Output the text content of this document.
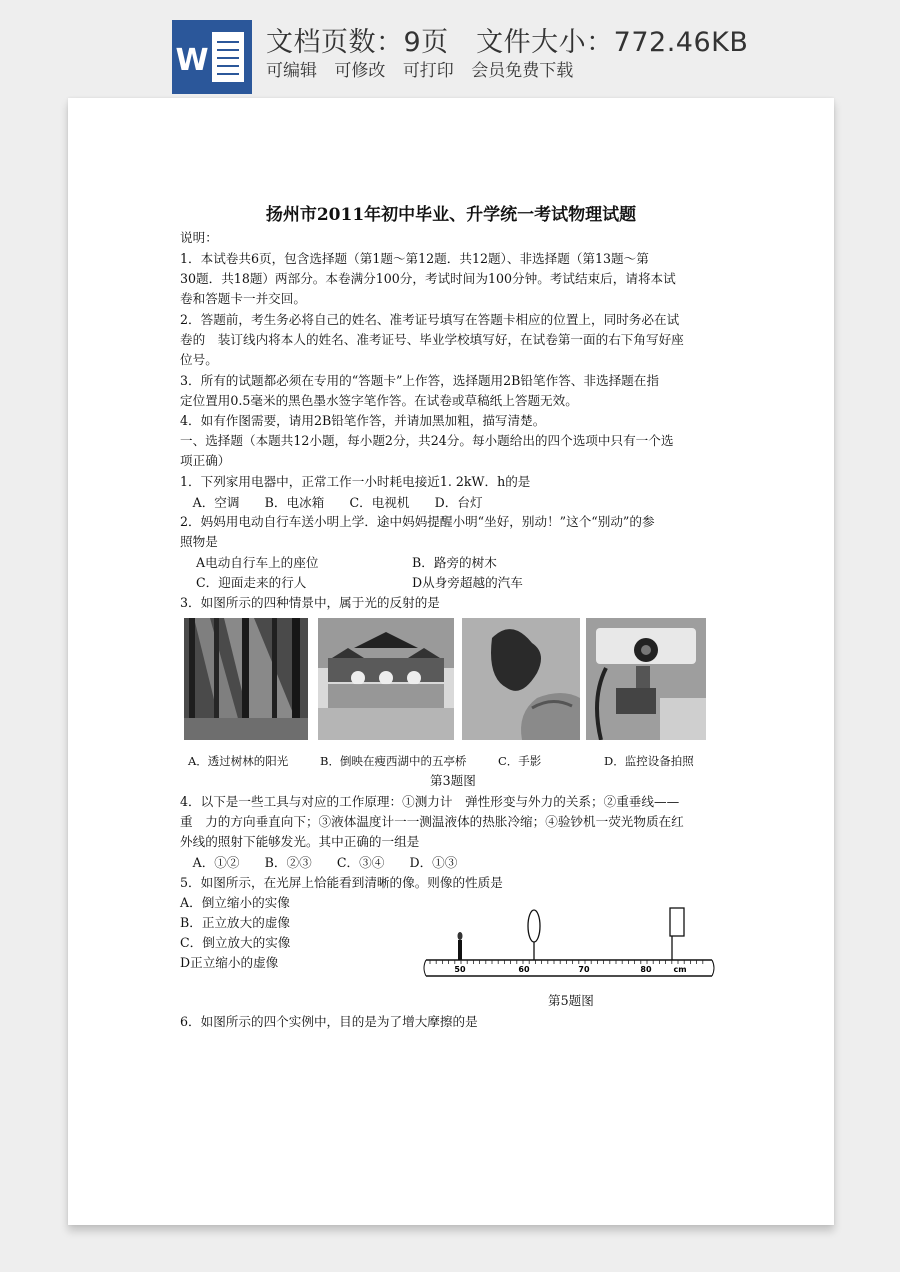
W
文档页数：9页　文件大小：772.46KB
可编辑 可修改 可打印 会员免费下载
扬州市2011年初中毕业、升学统一考试物理试题
说明：
1．本试卷共6页，包含选择题（第1题～第12题．共12题）、非选择题（第13题～第
30题．共18题）两部分。本卷满分100分，考试时间为100分钟。考试结束后，请将本试
卷和答题卡一并交回。
2．答题前，考生务必将自己的姓名、准考证号填写在答题卡相应的位置上，同时务必在试
卷的　装订线内将本人的姓名、准考证号、毕业学校填写好，在试卷第一面的右下角写好座
位号。
3．所有的试题都必须在专用的“答题卡”上作答，选择题用2B铅笔作答、非选择题在指
定位置用0.5毫米的黑色墨水签字笔作答。在试卷或草稿纸上答题无效。
4．如有作图需要，请用2B铅笔作答，并请加黑加粗，描写清楚。
一、选择题（本题共12小题，每小题2分，共24分。每小题给出的四个选项中只有一个选
项正确）
1．下列家用电器中，正常工作一小时耗电接近1. 2kW．h的是
　A．空调　　B．电冰箱　　C．电视机　　D．台灯
2．妈妈用电动自行车送小明上学．途中妈妈提醒小明“坐好，别动！”这个“别动”的参
照物是
A电动自行车上的座位	B．路旁的树木
C．迎面走来的行人	D从身旁超越的汽车
3．如图所示的四种情景中，属于光的反射的是
A．透过树林的阳光	B．倒映在瘦西湖中的五亭桥	C．手影	D．监控设备拍照
第3题图
4．以下是一些工具与对应的工作原理：①测力计　弹性形变与外力的关系；②重垂线——
重　力的方向垂直向下；③液体温度计一一测温液体的热胀冷缩；④验钞机一荧光物质在红
外线的照射下能够发光。其中正确的一组是
　A．①②　　B．②③　　C．③④　　D．①③
5．如图所示，在光屏上恰能看到清晰的像。则像的性质是
A．倒立缩小的实像
B．正立放大的虚像
C．倒立放大的实像
D正立缩小的虚像	50	60	70	80	cm
第5题图
6．如图所示的四个实例中，目的是为了增大摩擦的是
